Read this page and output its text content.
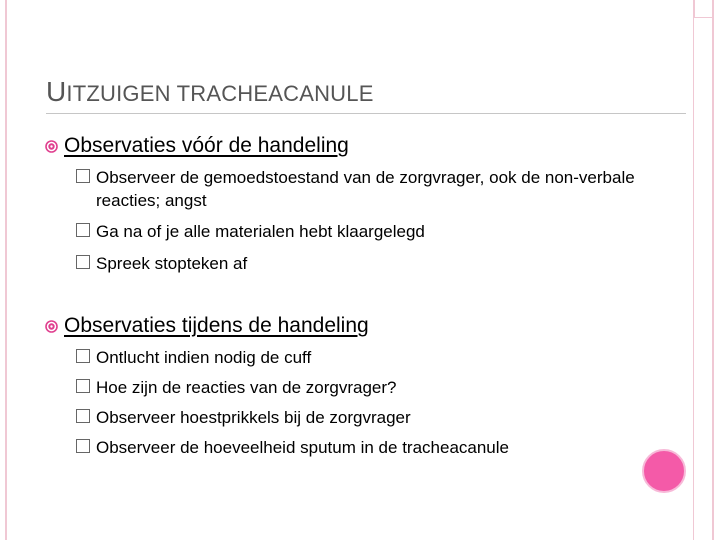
UITZUIGEN TRACHEACANULE
Observaties vóór de handeling
Observeer de gemoedstoestand van de zorgvrager, ook de non-verbale reacties; angst
Ga na of je alle materialen hebt klaargelegd
Spreek stopteken af
Observaties tijdens de handeling
Ontlucht indien nodig de cuff
Hoe zijn de reacties van de zorgvrager?
Observeer hoestprikkels bij de zorgvrager
Observeer de hoeveelheid sputum in de tracheacanule
